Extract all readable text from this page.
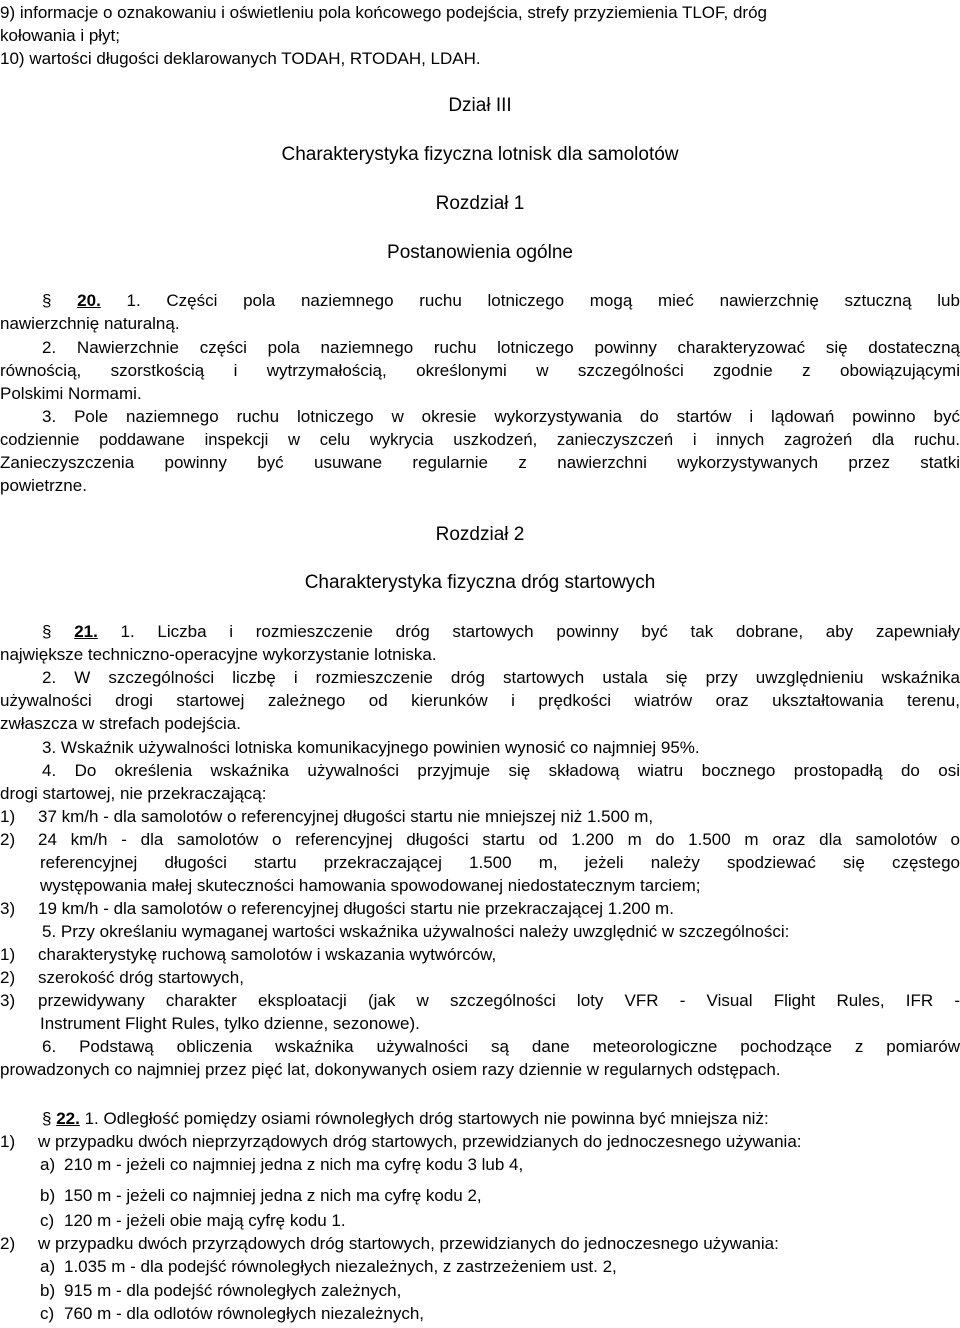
9) informacje o oznakowaniu i oświetleniu pola końcowego podejścia, strefy przyziemienia TLOF, dróg
kołowania i płyt;
10) wartości długości deklarowanych TODAH, RTODAH, LDAH.
Dział III
Charakterystyka fizyczna lotnisk dla samolotów
Rozdział 1
Postanowienia ogólne
§ 20. 1. Części pola naziemnego ruchu lotniczego mogą mieć nawierzchnię sztuczną lub
nawierzchnię naturalną.
2. Nawierzchnie części pola naziemnego ruchu lotniczego powinny charakteryzować się dostateczną
równością, szorstkością i wytrzymałością, określonymi w szczególności zgodnie z obowiązującymi
Polskimi Normami.
3. Pole naziemnego ruchu lotniczego w okresie wykorzystywania do startów i lądowań powinno być
codziennie poddawane inspekcji w celu wykrycia uszkodzeń, zanieczyszczeń i innych zagrożeń dla ruchu.
Zanieczyszczenia powinny być usuwane regularnie z nawierzchni wykorzystywanych przez statki
powietrzne.
Rozdział 2
Charakterystyka fizyczna dróg startowych
§ 21. 1. Liczba i rozmieszczenie dróg startowych powinny być tak dobrane, aby zapewniały
największe techniczno-operacyjne wykorzystanie lotniska.
2. W szczególności liczbę i rozmieszczenie dróg startowych ustala się przy uwzględnieniu wskaźnika
używalności drogi startowej zależnego od kierunków i prędkości wiatrów oraz ukształtowania terenu,
zwłaszcza w strefach podejścia.
3. Wskaźnik używalności lotniska komunikacyjnego powinien wynosić co najmniej 95%.
4. Do określenia wskaźnika używalności przyjmuje się składową wiatru bocznego prostopadłą do osi
drogi startowej, nie przekraczającą:
1) 37 km/h - dla samolotów o referencyjnej długości startu nie mniejszej niż 1.500 m,
2) 24 km/h - dla samolotów o referencyjnej długości startu od 1.200 m do 1.500 m oraz dla samolotów o
referencyjnej długości startu przekraczającej 1.500 m, jeżeli należy spodziewać się częstego
występowania małej skuteczności hamowania spowodowanej niedostatecznym tarciem;
3) 19 km/h - dla samolotów o referencyjnej długości startu nie przekraczającej 1.200 m.
5. Przy określaniu wymaganej wartości wskaźnika używalności należy uwzględnić w szczególności:
1) charakterystykę ruchową samolotów i wskazania wytwórców,
2) szerokość dróg startowych,
3) przewidywany charakter eksploatacji (jak w szczególności loty VFR - Visual Flight Rules, IFR -
Instrument Flight Rules, tylko dzienne, sezonowe).
6. Podstawą obliczenia wskaźnika używalności są dane meteorologiczne pochodzące z pomiarów
prowadzonych co najmniej przez pięć lat, dokonywanych osiem razy dziennie w regularnych odstępach.
§ 22. 1. Odległość pomiędzy osiami równoległych dróg startowych nie powinna być mniejsza niż:
1) w przypadku dwóch nieprzyrządowych dróg startowych, przewidzianych do jednoczesnego używania:
a) 210 m - jeżeli co najmniej jedna z nich ma cyfrę kodu 3 lub 4,
b) 150 m - jeżeli co najmniej jedna z nich ma cyfrę kodu 2,
c) 120 m - jeżeli obie mają cyfrę kodu 1.
2) w przypadku dwóch przyrządowych dróg startowych, przewidzianych do jednoczesnego używania:
a) 1.035 m - dla podejść równoległych niezależnych, z zastrzeżeniem ust. 2,
b) 915 m - dla podejść równoległych zależnych,
c) 760 m - dla odlotów równoległych niezależnych,
